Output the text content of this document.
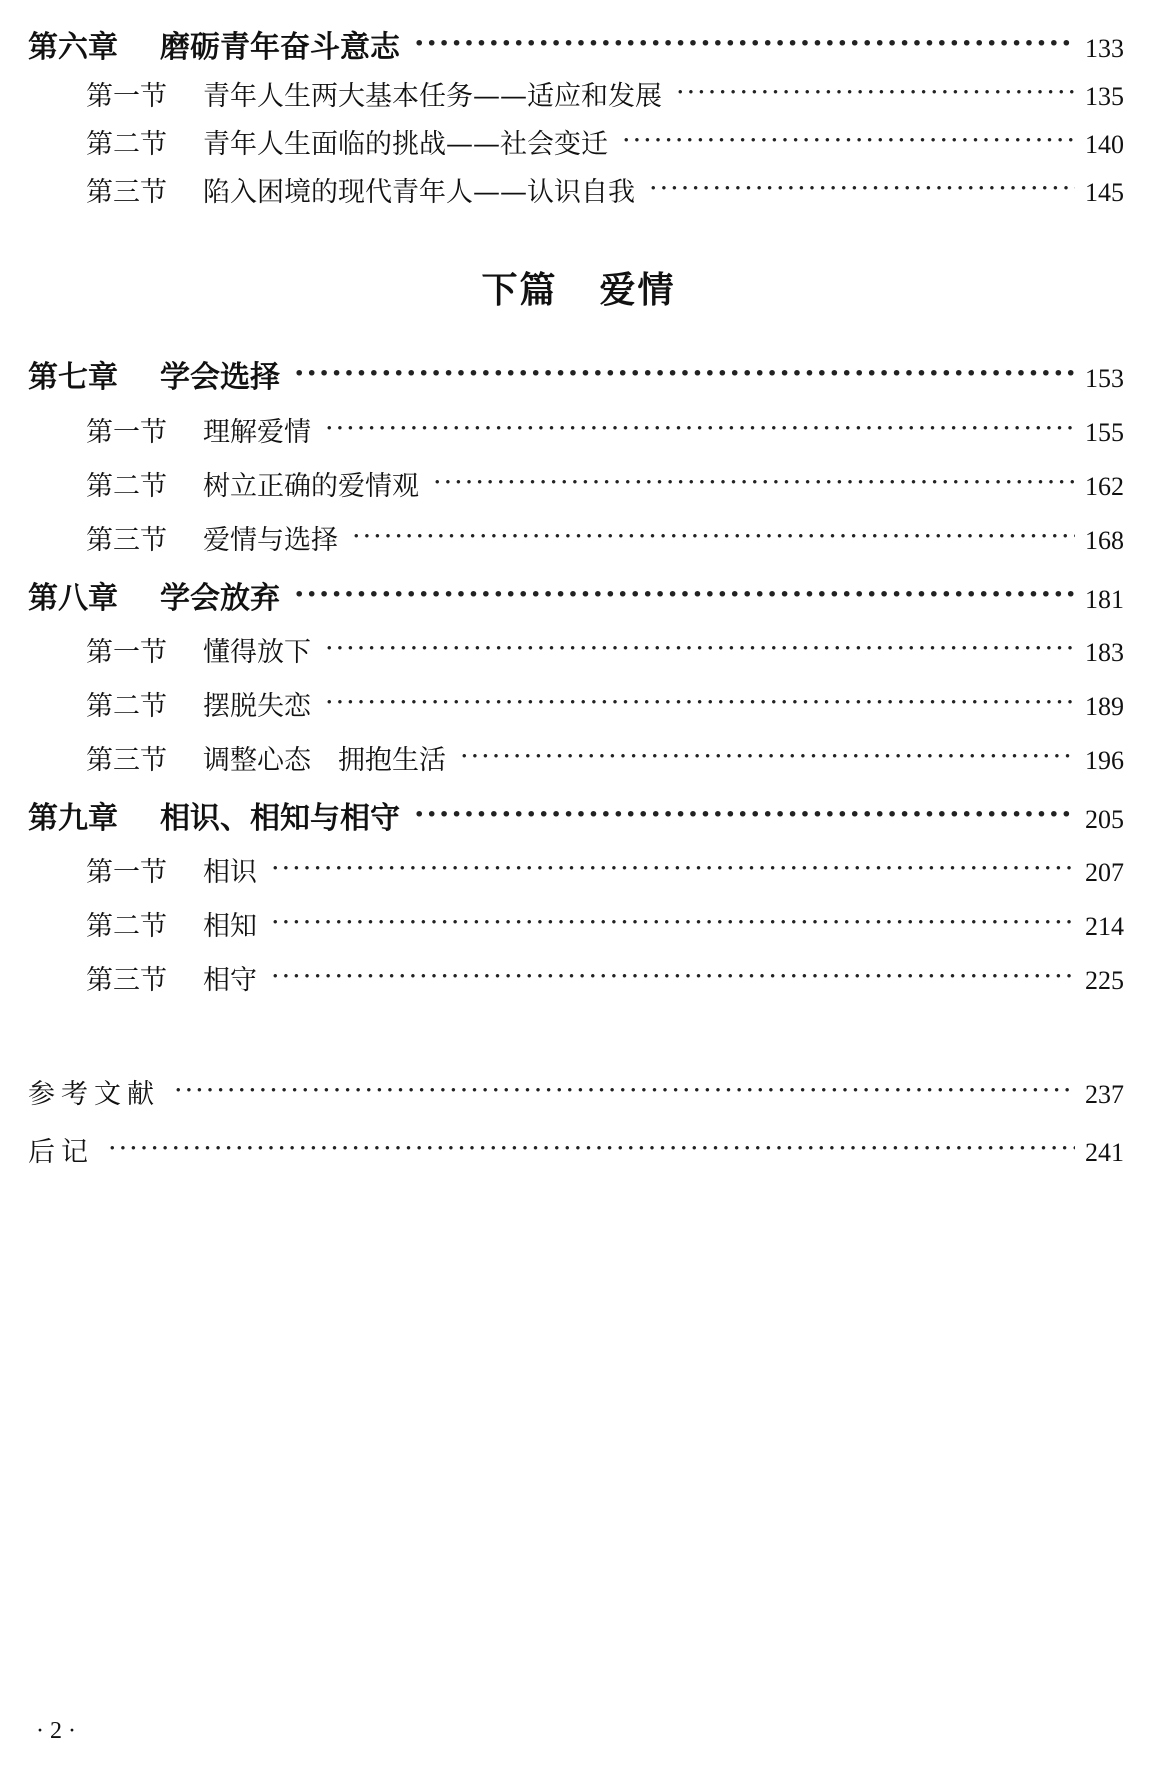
第六章	磨砺青年奋斗意志 ·····	133
第一节	青年人生两大基本任务——适应和发展 ·····	135
第二节	青年人生面临的挑战——社会变迁 ·····	140
第三节	陷入困境的现代青年人——认识自我 ·····	145
下篇 爱情
第七章	学会选择 ·····	153
第一节	理解爱情 ·····	155
第二节	树立正确的爱情观 ·····	162
第三节	爱情与选择 ·····	168
第八章	学会放弃 ·····	181
第一节	懂得放下 ·····	183
第二节	摆脱失恋 ·····	189
第三节	调整心态　拥抱生活 ·····	196
第九章	相识、相知与相守 ·····	205
第一节	相识 ·····	207
第二节	相知 ·····	214
第三节	相守 ·····	225
参考文献 ·····	237
后记 ·····	241
· 2 ·
